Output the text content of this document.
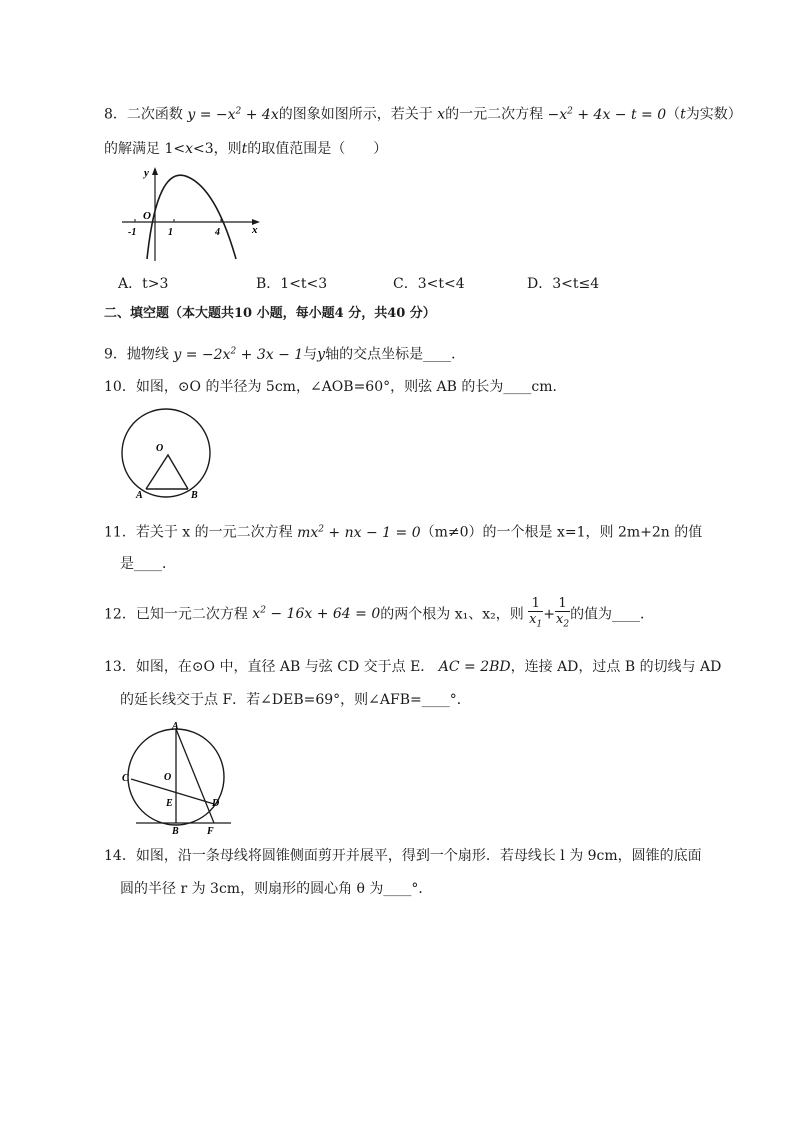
8．二次函数 $y = -x^2 + 4x$的图象如图所示，若关于 x的一元二次方程 $-x^2 + 4x - t = 0(t$为实数）
的解满足 1<x<3，则t的取值范围是（　　）
y
x
O
-1	1	4
A．t>3	B．1<t<3	C．3<t<4	D．3<t≤4
二、填空题（本大题共10 小题，每小题4 分，共40 分）
9．抛物线 $y = -2x^2 + 3x - 1$与y轴的交点坐标是____．
10．如图，⊙O 的半径为 5cm，∠AOB=60°，则弦 AB 的长为____cm．
O
A	B
11．若关于 x 的一元二次方程 $mx^2$ + nx − 1 = 0（m≠0）的一个根是 x=1，则 2m+2n 的值
是____．
12．已知一元二次方程 $x^2 - 16x + 64 = 0$的两个根为 x₁、x₂，则 $\frac{1}{x_1} + \frac{1}{x_2}$ 的值为____．
13．如图，在⊙O 中，直径 AB 与弦 CD 交于点 E． AC = 2BD，连接 AD，过点 B 的切线与 AD
的延长线交于点 F．若∠DEB=69°，则∠AFB=____°．
A
C	O
E	D
B	F
14．如图，沿一条母线将圆锥侧面剪开并展平，得到一个扇形．若母线长 l 为 9cm，圆锥的底面
圆的半径 r 为 3cm，则扇形的圆心角 θ 为____°．
